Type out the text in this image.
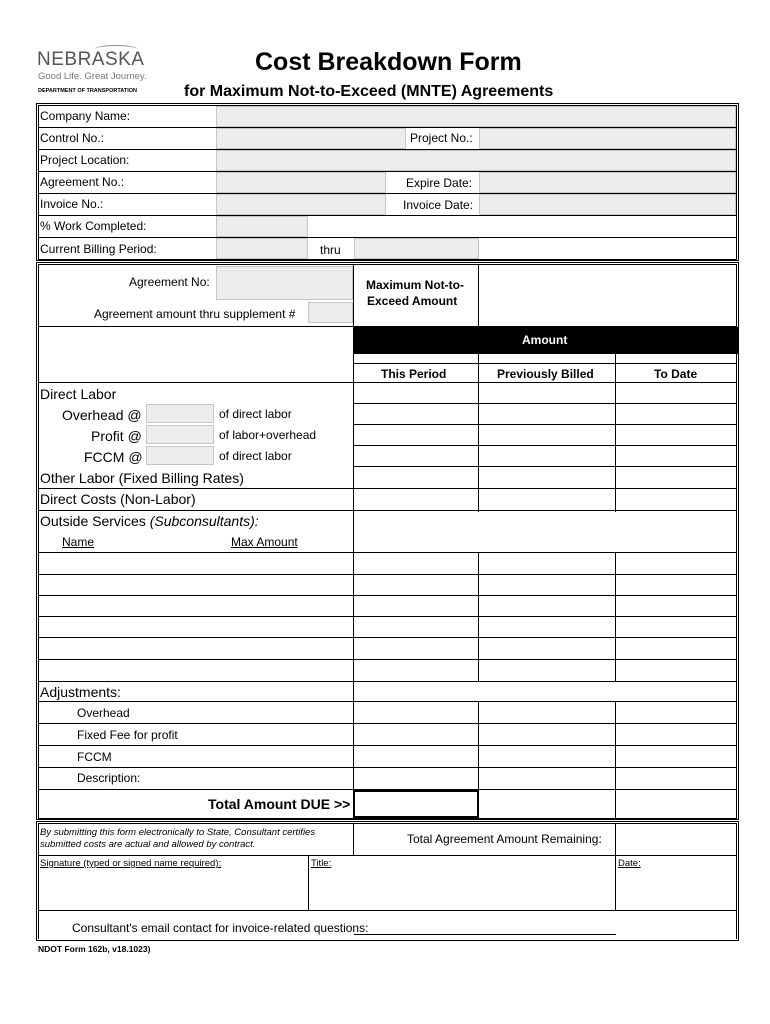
NEBRASKA
Good Life. Great Journey.
DEPARTMENT OF TRANSPORTATION
Cost Breakdown Form
for Maximum Not-to-Exceed (MNTE) Agreements
Company Name:
Control No.:	Project No.:
Project Location:
Agreement No.:	Expire Date:
Invoice No.:	Invoice Date:
% Work Completed:
Current Billing Period:	thru
Agreement No:
Agreement amount thru supplement #
Maximum Not-to-
Exceed Amount
Amount
This Period	Previously Billed	To Date
Direct Labor
Overhead @	of direct labor
Profit @	of labor+overhead
FCCM @	of direct labor
Other Labor (Fixed Billing Rates)
Direct Costs (Non-Labor)
Outside Services (Subconsultants):
Name	Max Amount
Adjustments:
Overhead
Fixed Fee for profit
FCCM
Description:
Total Amount DUE >>
By submitting this form electronically to State, Consultant certifies
submitted costs are actual and allowed by contract.	Total Agreement Amount Remaining:
Signature (typed or signed name required):	Title:	Date:
Consultant's email contact for invoice-related questions:
NDOT Form 162b, v18.1023)
